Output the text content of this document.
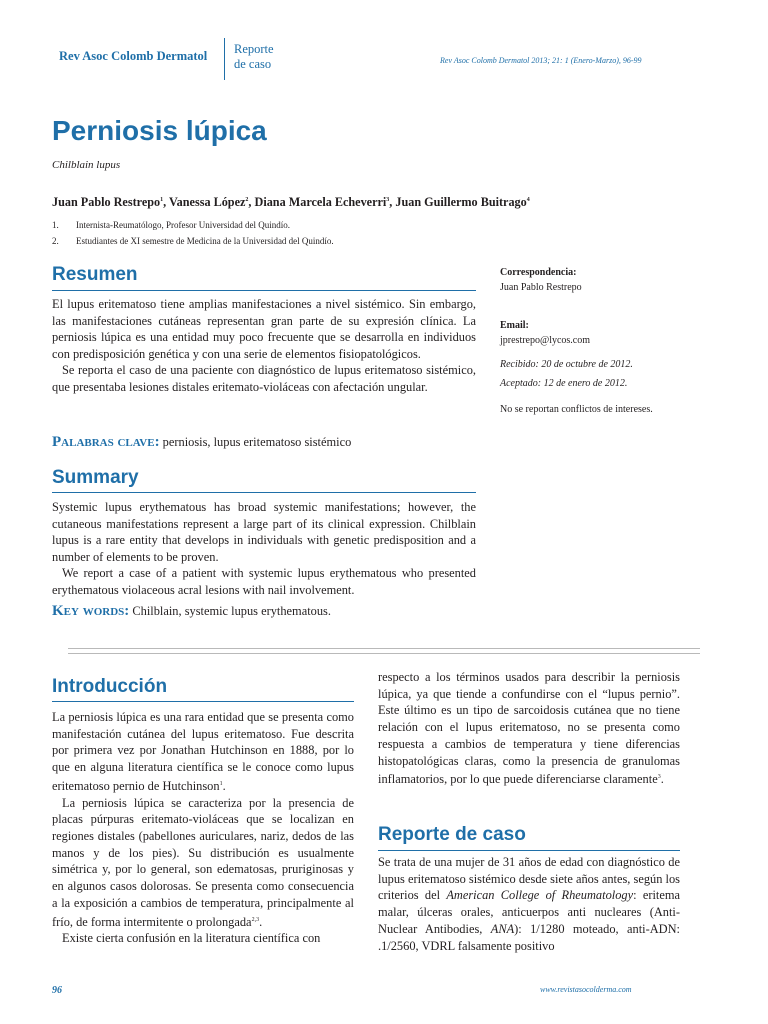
Rev Asoc Colomb Dermatol Reporte
de caso	Rev Asoc Colomb Dermatol 2013; 21: 1 (Enero-Marzo), 96-99
Perniosis lúpica
Chilblain lupus
Juan Pablo Restrepo$^1$, Vanessa López$^2$, Diana Marcela Echeverri$^3$, Juan Guillermo Buitrago$^4$
1.	Internista-Reumatólogo, Profesor Universidad del Quindío.
2.	Estudiantes de XI semestre de Medicina de la Universidad del Quindío.
Resumen

El lupus eritematoso tiene amplias manifestaciones a nivel sistémico. Sin embargo, las manifestaciones cutáneas representan gran parte de su expresión clínica. La perniosis lúpica es una entidad muy poco frecuente que se desarrolla en individuos con predisposición genética y con una serie de elementos fisiopatológicos.

Se reporta el caso de una paciente con diagnóstico de lupus eritematoso sistémico, que presentaba lesiones distales eritemato-violáceas con afectación ungular.

Palabras clave: perniosis, lupus eritematoso sistémico
Summary

Systemic lupus erythematous has broad systemic manifestations; however, the cutaneous manifestations represent a large part of its clinical expression. Chilblain lupus is a rare entity that develops in individuals with genetic predisposition and a number of elements to be proven.

We report a case of a patient with systemic lupus erythematous who presented erythematous violaceous acral lesions with nail involvement.

Key words: Chilblain, systemic lupus erythematous.
Correspondencia:
Juan Pablo Restrepo
Email:
jprestrepo@lycos.com
Recibido: 20 de octubre de 2012.
Aceptado: 12 de enero de 2012.
No se reportan conflictos de intereses.
Introducción

La perniosis lúpica es una rara entidad que se presenta como manifestación cutánea del lupus eritematoso. Fue descrita por primera vez por Jonathan Hutchinson en 1888, por lo que en alguna literatura científica se le conoce como lupus eritematoso pernio de Hutchinson$^1$.

La perniosis lúpica se caracteriza por la presencia de placas púrpuras eritemato-violáceas que se localizan en regiones distales (pabellones auriculares, nariz, dedos de las manos y de los pies). Su distribución es usualmente simétrica y, por lo general, son edematosas, pruriginosas y en algunos casos dolorosas. Se presenta como consecuencia a la exposición a cambios de temperatura, principalmente al frío, de forma intermitente o prolongada$^{2,3}$.

Existe cierta confusión en la literatura científica con

respecto a los términos usados para describir la perniosis lúpica, ya que tiende a confundirse con el “lupus pernio”. Este último es un tipo de sarcoidosis cutánea que no tiene relación con el lupus eritematoso, no se presenta como respuesta a cambios de temperatura y tiene diferencias histopatológicas claras, como la presencia de granulomas inflamatorios, por lo que puede diferenciarse claramente$^3$.

Reporte de caso

Se trata de una mujer de 31 años de edad con diagnóstico de lupus eritematoso sistémico desde siete años antes, según los criterios del American College of Rheumatology: eritema malar, úlceras orales, anticuerpos anti nucleares (Anti-Nuclear Antibodies, ANA): 1/1280 moteado, anti-ADN: .1/2560, VDRL falsamente positivo

96	www.revistasocolderma.com
